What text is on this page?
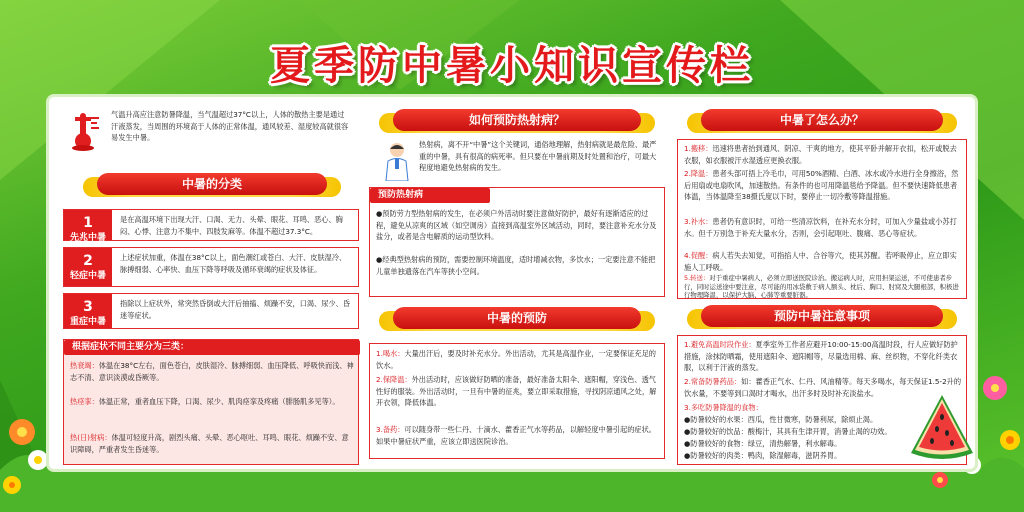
夏季防中暑小知识宣传栏
气温升高应注意防暑降温，当气温超过37°C以上，人体的散热主要是通过汗液蒸发，当周围的环境高于人体的正常体温，通风较差、湿度较高就很容易发生中暑。
中暑的分类
1
先兆中暑
是在高温环境下出现大汗、口渴、无力、头晕、眼花、耳鸣、恶心、胸闷、心悸、注意力不集中、四肢发麻等。体温不超过37.3°C。
2
轻症中暑
上述症状加重，体温在38°C以上，面色潮红或苍白、大汗、皮肤湿冷、脉搏细弱、心率快、血压下降等呼吸及循环衰竭的症状及体征。
3
重症中暑
指除以上症状外，常突然昏倒或大汗后抽搐、烦躁不安，口渴、尿少、昏迷等症状。
根据症状不同主要分为三类：
热衰竭：体温在38°C左右，面色苍白，皮肤湿冷、脉搏细弱、血压降低、呼吸快而浅、神志不清、意识淡漠或昏厥等。
热痉挛：体温正常，重者血压下降，口渴、尿少、肌肉痉挛及疼痛（腓肠肌多见等）。
热(日)射病：体温可轻度升高，剧烈头痛、头晕、恶心呕吐、耳鸣、眼花、烦躁不安、意识障碍，严重者发生昏迷等。
如何预防热射病？
热射病，离不开“中暑”这个关键词，通俗地理解，热射病就是最危险、最严重的中暑，具有很高的病死率。但只要在中暑前期及时处置和治疗，可最大程度地避免热射病的发生。
预防热射病
●预防劳力型热射病的发生，在必须户外活动时要注意做好防护，最好有逐渐适应的过程，避免从凉爽的区域（如空调房）直接到高温室外区域活动，同时，要注意补充水分及盐分，或者是含电解质的运动型饮料。
●经典型热射病的预防，需要控制环境温度，适时增减衣物，多饮水；一定要注意不能把儿童单独遗落在汽车等狭小空间。
中暑的预防
1.喝水：大量出汗后，要及时补充水分。外出活动，尤其是高温作业，一定要保证充足的饮水。
2.保降温：外出活动时，应该做好防晒的准备，最好准备太阳伞、遮阳帽，穿浅色、透气性好的服装。外出活动时，一旦有中暑的征兆，要立即采取措施，寻找阴凉通风之处，解开衣领，降低体温。
3.备药：可以随身带一些仁丹、十滴水、藿香正气水等药品，以解轻度中暑引起的症状。如果中暑症状严重，应该立即送医院诊治。
中暑了怎么办？
1.搬移：迅速将患者抬到通风、阴凉、干爽的地方，使其平卧并解开衣扣，松开或脱去衣服，如衣服被汗水湿透应更换衣服。
2.降温：患者头部可捂上冷毛巾，可用50%酒精、白酒、冰水或冷水进行全身擦浴，然后用扇或电扇吹风，加速散热。有条件的也可用降温毯给予降温。但不要快速降低患者体温，当体温降至38摄氏度以下时，要停止一切冷敷等降温措施。
3.补水：患者仍有意识时，可给一些清凉饮料，在补充水分时，可加入少量盐或小苏打水。但千万别急于补充大量水分，否则，会引起呕吐、腹痛、恶心等症状。
4.促醒：病人若失去知觉，可指掐人中、合谷等穴，使其苏醒。若呼吸停止，应立即实施人工呼吸。
5.转送：对于重症中暑病人，必须立即送医院诊治。搬运病人时，应用担架运送，不可使患者步行，同时运送途中要注意，尽可能的用冰袋敷于病人额头、枕后、胸口、肘窝及大腿根部，积极进行物理降温，以保护大脑、心肺等重要脏器。
预防中暑注意事项
1.避免高温时段作业：夏季室外工作者应避开10:00-15:00高温时段，行人应做好防护措施，涂抹防晒霜，使用遮阳伞、遮阳帽等，尽量选用棉、麻、丝织物，不穿化纤类衣服，以利于汗液的蒸发。
2.常备防暑药品：如：藿香正气水、仁丹、风油精等。每天多喝水，每天保证1.5-2升的饮水量，不要等到口渴时才喝水，出汗多时及时补充淡盐水。
3.多吃防暑降温的食物：
●防暑较好的水果：西瓜，性甘微寒，防暑利尿，除烦止渴。
●防暑较好的饮品：酸梅汁，其具有生津开胃，消暑止渴的功效。
●防暑较好的食物：绿豆，清热解暑，利水解毒。
●防暑较好的肉类：鸭肉，除湿解毒，滋阴养胃。
